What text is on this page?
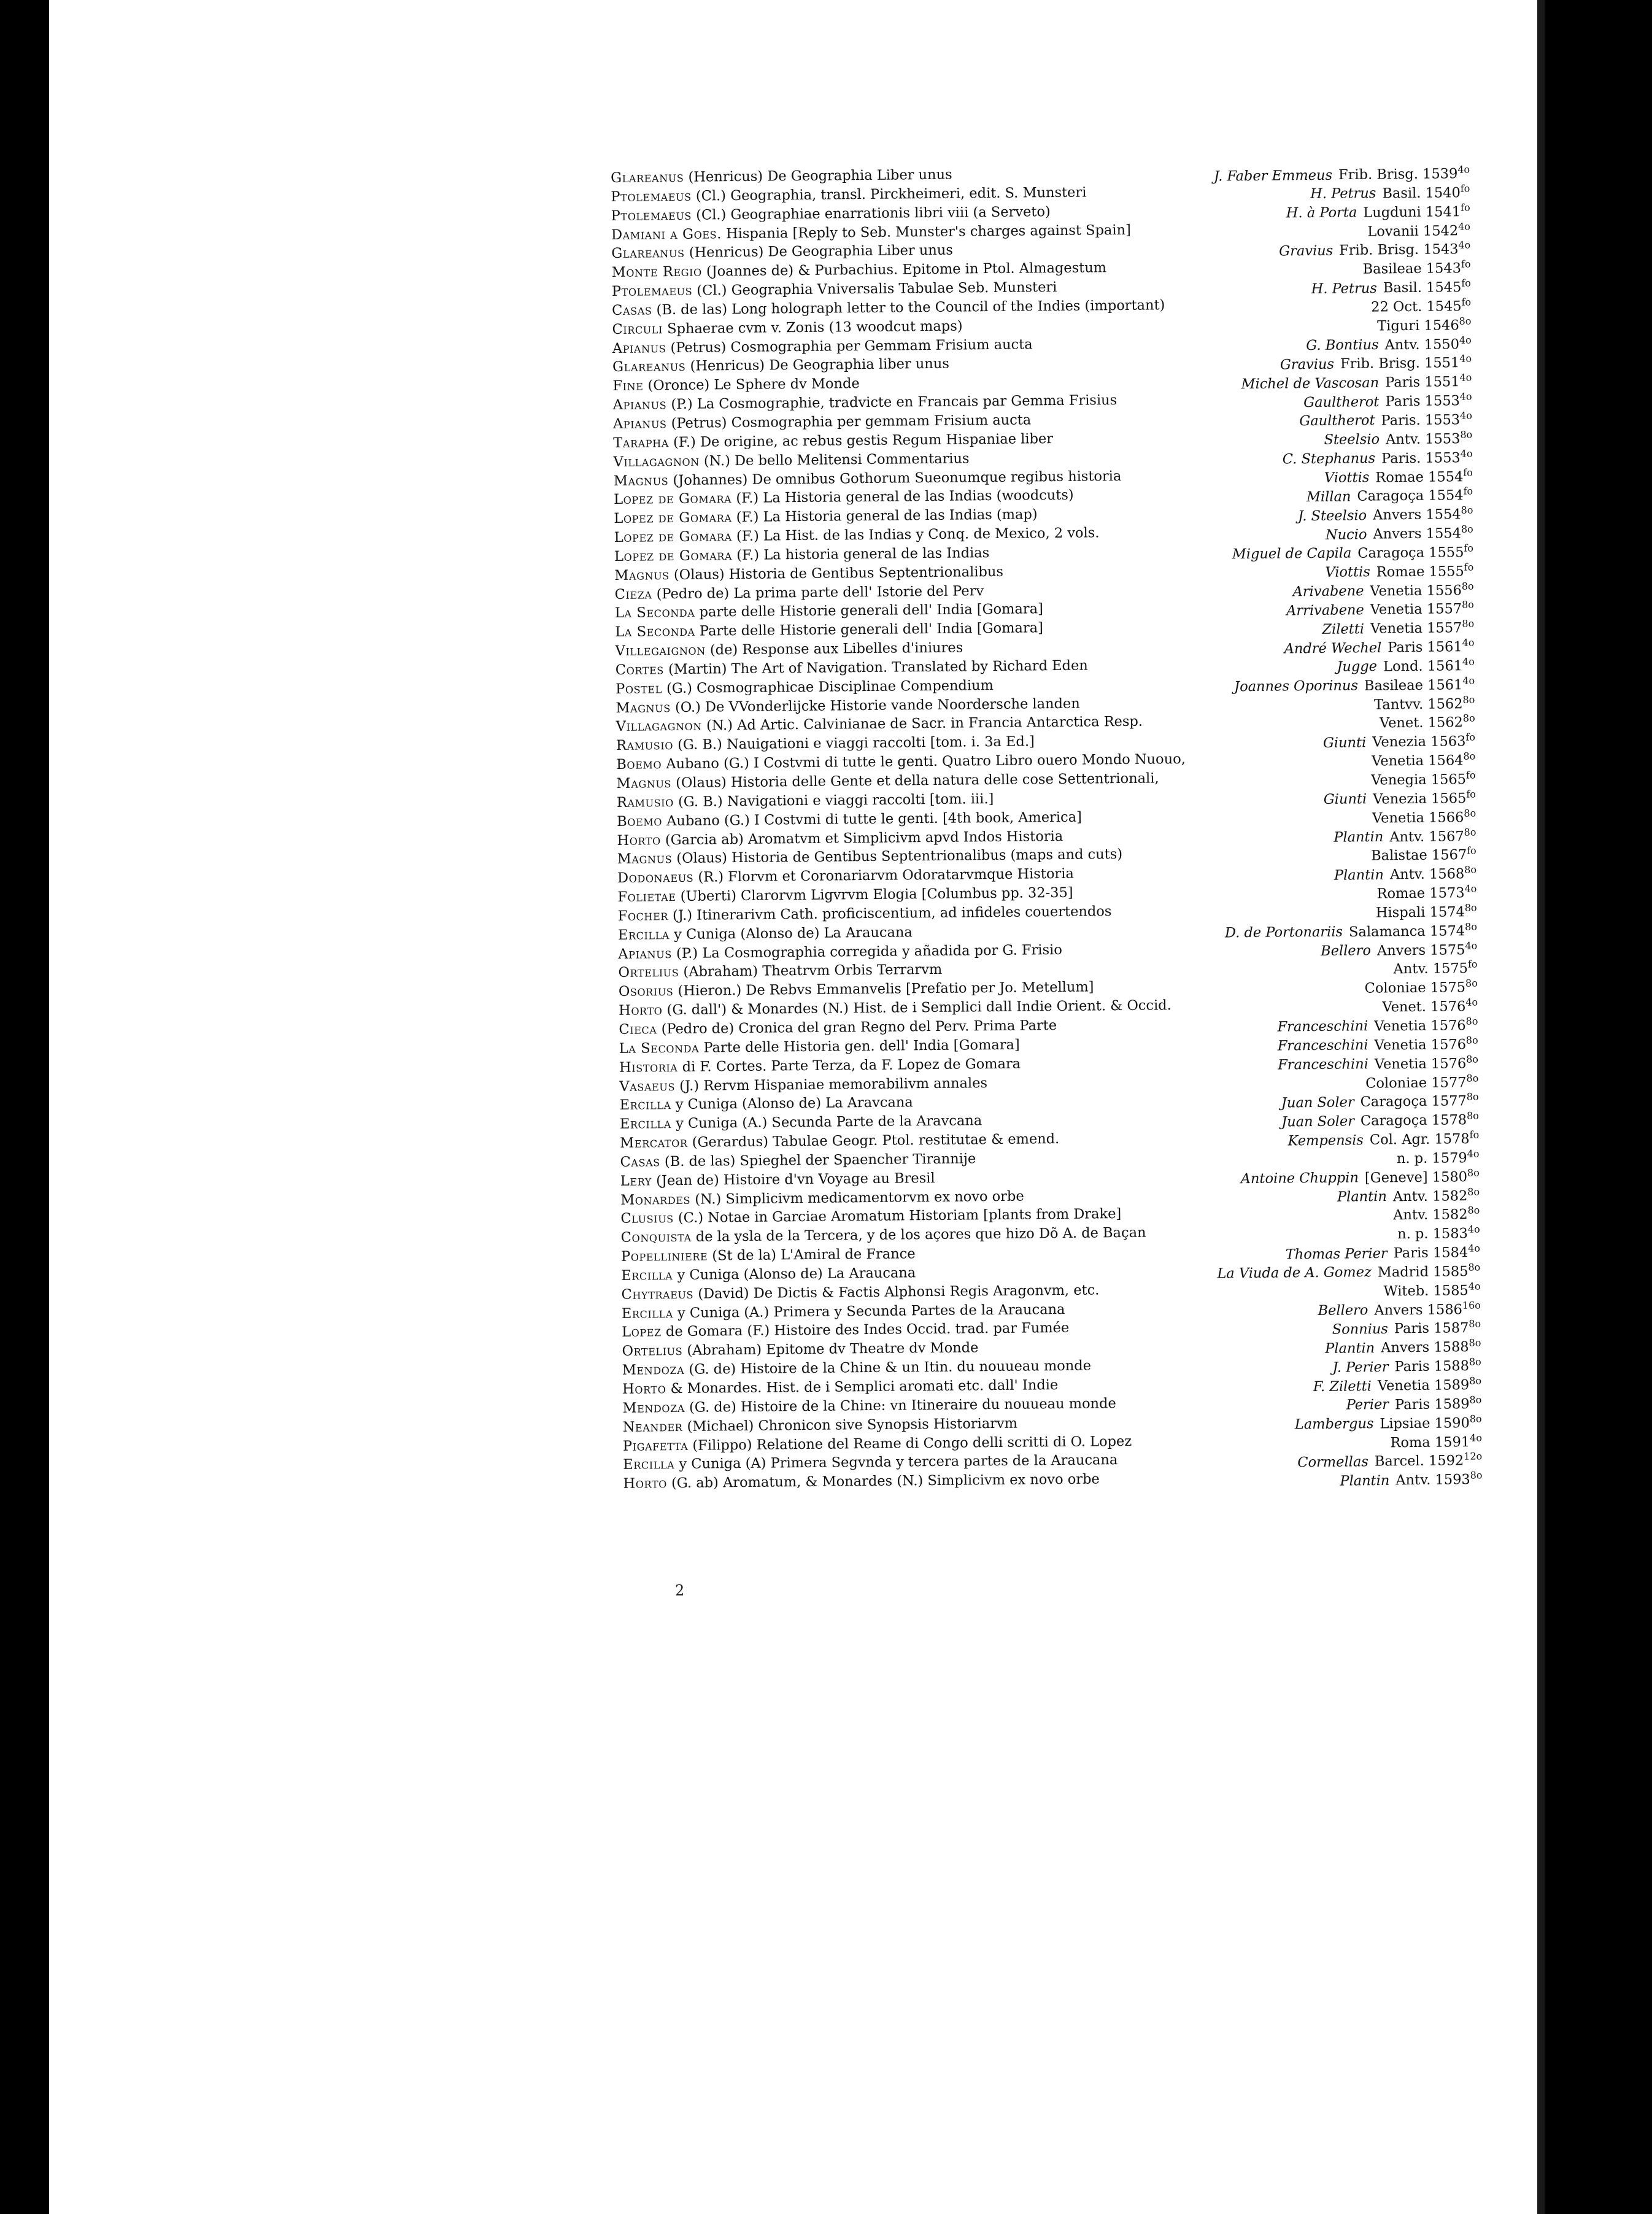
Glareanus (Henricus) De Geographia Liber unus	J. Faber Emmeus Frib. Brisg. $1539^{4o}$
Ptolemaeus (Cl.) Geographia, transl. Pirckheimeri, edit. S. Munsteri	H. Petrus Basil. $1540^{fo}$
Ptolemaeus (Cl.) Geographiae enarrationis libri viii (a Serveto)	H. à Porta Lugduni $1541^{fo}$
Damiani a Goes. Hispania [Reply to Seb. Munster's charges against Spain]	Lovanii $1542^{4o}$
Glareanus (Henricus) De Geographia Liber unus	Gravius Frib. Brisg. $1543^{4o}$
Monte Regio (Joannes de) & Purbachius. Epitome in Ptol. Almagestum	Basileae $1543^{fo}$
Ptolemaeus (Cl.) Geographia Vniversalis Tabulae Seb. Munsteri	H. Petrus Basil. $1545^{fo}$
Casas (B. de las) Long holograph letter to the Council of the Indies (important)	22 Oct. $1545^{fo}$
Circuli Sphaerae cvm v. Zonis (13 woodcut maps)	Tiguri $1546^{8o}$
Apianus (Petrus) Cosmographia per Gemmam Frisium aucta	G. Bontius Antv. $1550^{4o}$
Glareanus (Henricus) De Geographia liber unus	Gravius Frib. Brisg. $1551^{4o}$
Fine (Oronce) Le Sphere dv Monde	Michel de Vascosan Paris $1551^{4o}$
Apianus (P.) La Cosmographie, tradvicte en Francais par Gemma Frisius	Gaultherot Paris $1553^{4o}$
Apianus (Petrus) Cosmographia per gemmam Frisium aucta	Gaultherot Paris. $1553^{4o}$
Tarapha (F.) De origine, ac rebus gestis Regum Hispaniae liber	Steelsio Antv. $1553^{8o}$
Villagagnon (N.) De bello Melitensi Commentarius	C. Stephanus Paris. $1553^{4o}$
Magnus (Johannes) De omnibus Gothorum Sueonumque regibus historia	Viottis Romae $1554^{fo}$
Lopez de Gomara (F.) La Historia general de las Indias (woodcuts)	Millan Caragoça $1554^{fo}$
Lopez de Gomara (F.) La Historia general de las Indias (map)	J. Steelsio Anvers $1554^{8o}$
Lopez de Gomara (F.) La Hist. de las Indias y Conq. de Mexico, 2 vols.	Nucio Anvers $1554^{8o}$
Lopez de Gomara (F.) La historia general de las Indias	Miguel de Capila Caragoça $1555^{fo}$
Magnus (Olaus) Historia de Gentibus Septentrionalibus	Viottis Romae $1555^{fo}$
Cieza (Pedro de) La prima parte dell' Istorie del Perv	Arivabene Venetia $1556^{8o}$
La Seconda parte delle Historie generali dell' India [Gomara]	Arrivabene Venetia $1557^{8o}$
La Seconda Parte delle Historie generali dell' India [Gomara]	Ziletti Venetia $1557^{8o}$
Villegaignon (de) Response aux Libelles d'iniures	André Wechel Paris $1561^{4o}$
Cortes (Martin) The Art of Navigation. Translated by Richard Eden	Jugge Lond. $1561^{4o}$
Postel (G.) Cosmographicae Disciplinae Compendium	Joannes Oporinus Basileae $1561^{4o}$
Magnus (O.) De VVonderlijcke Historie vande Noordersche landen	Tantvv. $1562^{8o}$
Villagagnon (N.) Ad Artic. Calvinianae de Sacr. in Francia Antarctica Resp.	Venet. $1562^{8o}$
Ramusio (G. B.) Nauigationi e viaggi raccolti [tom. i. 3a Ed.]	Giunti Venezia $1563^{fo}$
Boemo Aubano (G.) I Costvmi di tutte le genti. Quatro Libro ouero Mondo Nuouo,	Venetia $1564^{8o}$
Magnus (Olaus) Historia delle Gente et della natura delle cose Settentrionali,	Venegia $1565^{fo}$
Ramusio (G. B.) Navigationi e viaggi raccolti [tom. iii.]	Giunti Venezia $1565^{fo}$
Boemo Aubano (G.) I Costvmi di tutte le genti. [4th book, America]	Venetia $1566^{8o}$
Horto (Garcia ab) Aromatvm et Simplicivm apvd Indos Historia	Plantin Antv. $1567^{8o}$
Magnus (Olaus) Historia de Gentibus Septentrionalibus (maps and cuts)	Balistae $1567^{fo}$
Dodonaeus (R.) Florvm et Coronariarvm Odoratarvmque Historia	Plantin Antv. $1568^{8o}$
Folietae (Uberti) Clarorvm Ligvrvm Elogia [Columbus pp. 32-35]	Romae $1573^{4o}$
Focher (J.) Itinerarivm Cath. proficiscentium, ad infideles couertendos	Hispali $1574^{8o}$
Ercilla y Cuniga (Alonso de) La Araucana	D. de Portonariis Salamanca $1574^{8o}$
Apianus (P.) La Cosmographia corregida y añadida por G. Frisio	Bellero Anvers $1575^{4o}$
Ortelius (Abraham) Theatrvm Orbis Terrarvm	Antv. $1575^{fo}$
Osorius (Hieron.) De Rebvs Emmanvelis [Prefatio per Jo. Metellum]	Coloniae $1575^{8o}$
Horto (G. dall') & Monardes (N.) Hist. de i Semplici dall Indie Orient. & Occid.	Venet. $1576^{4o}$
Cieca (Pedro de) Cronica del gran Regno del Perv. Prima Parte	Franceschini Venetia $1576^{8o}$
La Seconda Parte delle Historia gen. dell' India [Gomara]	Franceschini Venetia $1576^{8o}$
Historia di F. Cortes. Parte Terza, da F. Lopez de Gomara	Franceschini Venetia $1576^{8o}$
Vasaeus (J.) Rervm Hispaniae memorabilivm annales	Coloniae $1577^{8o}$
Ercilla y Cuniga (Alonso de) La Aravcana	Juan Soler Caragoça $1577^{8o}$
Ercilla y Cuniga (A.) Secunda Parte de la Aravcana	Juan Soler Caragoça $1578^{8o}$
Mercator (Gerardus) Tabulae Geogr. Ptol. restitutae & emend.	Kempensis Col. Agr. $1578^{fo}$
Casas (B. de las) Spieghel der Spaencher Tirannije	n. p. $1579^{4o}$
Lery (Jean de) Histoire d'vn Voyage au Bresil	Antoine Chuppin [Geneve] $1580^{8o}$
Monardes (N.) Simplicivm medicamentorvm ex novo orbe	Plantin Antv. $1582^{8o}$
Clusius (C.) Notae in Garciae Aromatum Historiam [plants from Drake]	Antv. $1582^{8o}$
Conquista de la ysla de la Tercera, y de los açores que hizo Dõ A. de Baçan	n. p. $1583^{4o}$
Popelliniere (St de la) L'Amiral de France	Thomas Perier Paris $1584^{4o}$
Ercilla y Cuniga (Alonso de) La Araucana	La Viuda de A. Gomez Madrid $1585^{8o}$
Chytraeus (David) De Dictis & Factis Alphonsi Regis Aragonvm, etc.	Witeb. $1585^{4o}$
Ercilla y Cuniga (A.) Primera y Secunda Partes de la Araucana	Bellero Anvers $1586^{16o}$
Lopez de Gomara (F.) Histoire des Indes Occid. trad. par Fumée	Sonnius Paris $1587^{8o}$
Ortelius (Abraham) Epitome dv Theatre dv Monde	Plantin Anvers $1588^{8o}$
Mendoza (G. de) Histoire de la Chine & un Itin. du nouueau monde	J. Perier Paris $1588^{8o}$
Horto & Monardes. Hist. de i Semplici aromati etc. dall' Indie	F. Ziletti Venetia $1589^{8o}$
Mendoza (G. de) Histoire de la Chine: vn Itineraire du nouueau monde	Perier Paris $1589^{8o}$
Neander (Michael) Chronicon sive Synopsis Historiarvm	Lambergus Lipsiae $1590^{8o}$
Pigafetta (Filippo) Relatione del Reame di Congo delli scritti di O. Lopez	Roma $1591^{4o}$
Ercilla y Cuniga (A) Primera Segvnda y tercera partes de la Araucana	Cormellas Barcel. $1592^{12o}$
Horto (G. ab) Aromatum, & Monardes (N.) Simplicivm ex novo orbe	Plantin Antv. $1593^{8o}$
2
